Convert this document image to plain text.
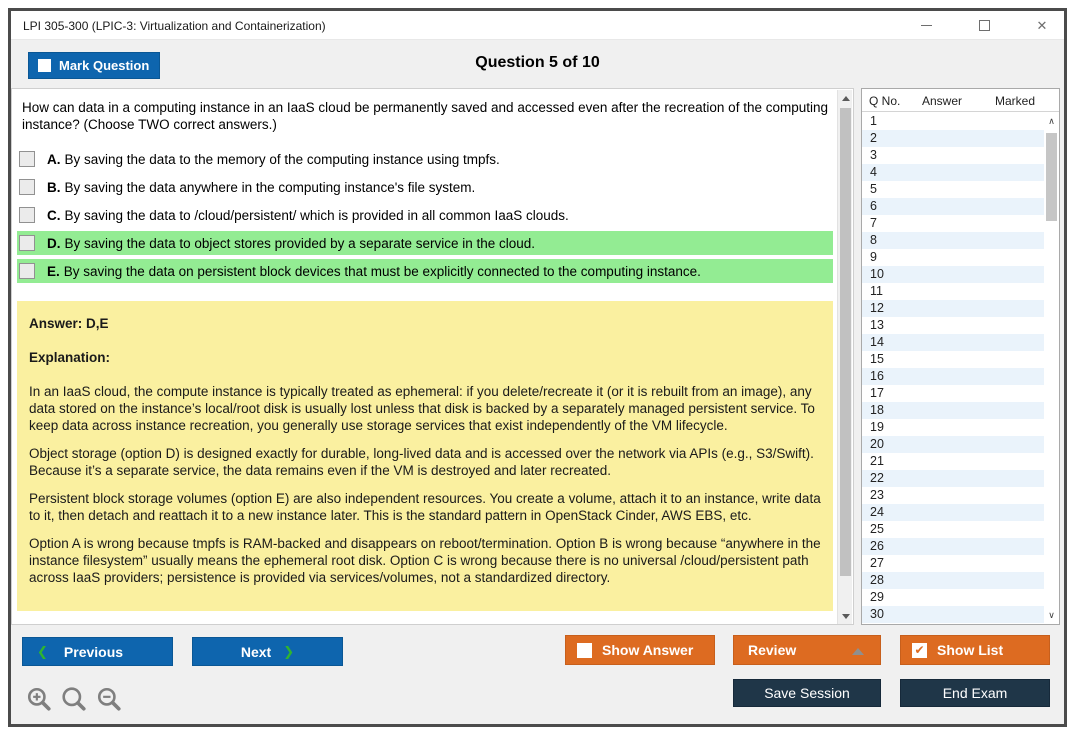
LPI 305-300 (LPIC-3: Virtualization and Containerization)	✕
Mark Question	Question 5 of 10
How can data in a computing instance in an IaaS cloud be permanently saved and accessed even after the recreation of the computing instance? (Choose TWO correct answers.)
A. By saving the data to the memory of the computing instance using tmpfs.
B. By saving the data anywhere in the computing instance's file system.
C. By saving the data to /cloud/persistent/ which is provided in all common IaaS clouds.
D. By saving the data to object stores provided by a separate service in the cloud.
E. By saving the data on persistent block devices that must be explicitly connected to the computing instance.
Answer: D,E
Explanation:

In an IaaS cloud, the compute instance is typically treated as ephemeral: if you delete/recreate it (or it is rebuilt from an image), any data stored on the instance’s local/root disk is usually lost unless that disk is backed by a separately managed persistent service. To keep data across instance recreation, you generally use storage services that exist independently of the VM lifecycle.

Object storage (option D) is designed exactly for durable, long-lived data and is accessed over the network via APIs (e.g., S3/Swift). Because it’s a separate service, the data remains even if the VM is destroyed and later recreated.

Persistent block storage volumes (option E) are also independent resources. You create a volume, attach it to an instance, write data to it, then detach and reattach it to a new instance later. This is the standard pattern in OpenStack Cinder, AWS EBS, etc.

Option A is wrong because tmpfs is RAM-backed and disappears on reboot/termination. Option B is wrong because “anywhere in the instance filesystem” usually means the ephemeral root disk. Option C is wrong because there is no universal /cloud/persistent path across IaaS providers; persistence is provided via services/volumes, not a standardized directory.

Q No. Answer	Marked
1
2
3
4
5
6
7
8
9
10
11
12
13
14
15
16
17
18
19
20
21
22
23
24
25
26
27
28
29
30
∧
∨
❮ Previous	Next ❯	Show Answer	Review	✔ Show List
Save Session	End Exam
